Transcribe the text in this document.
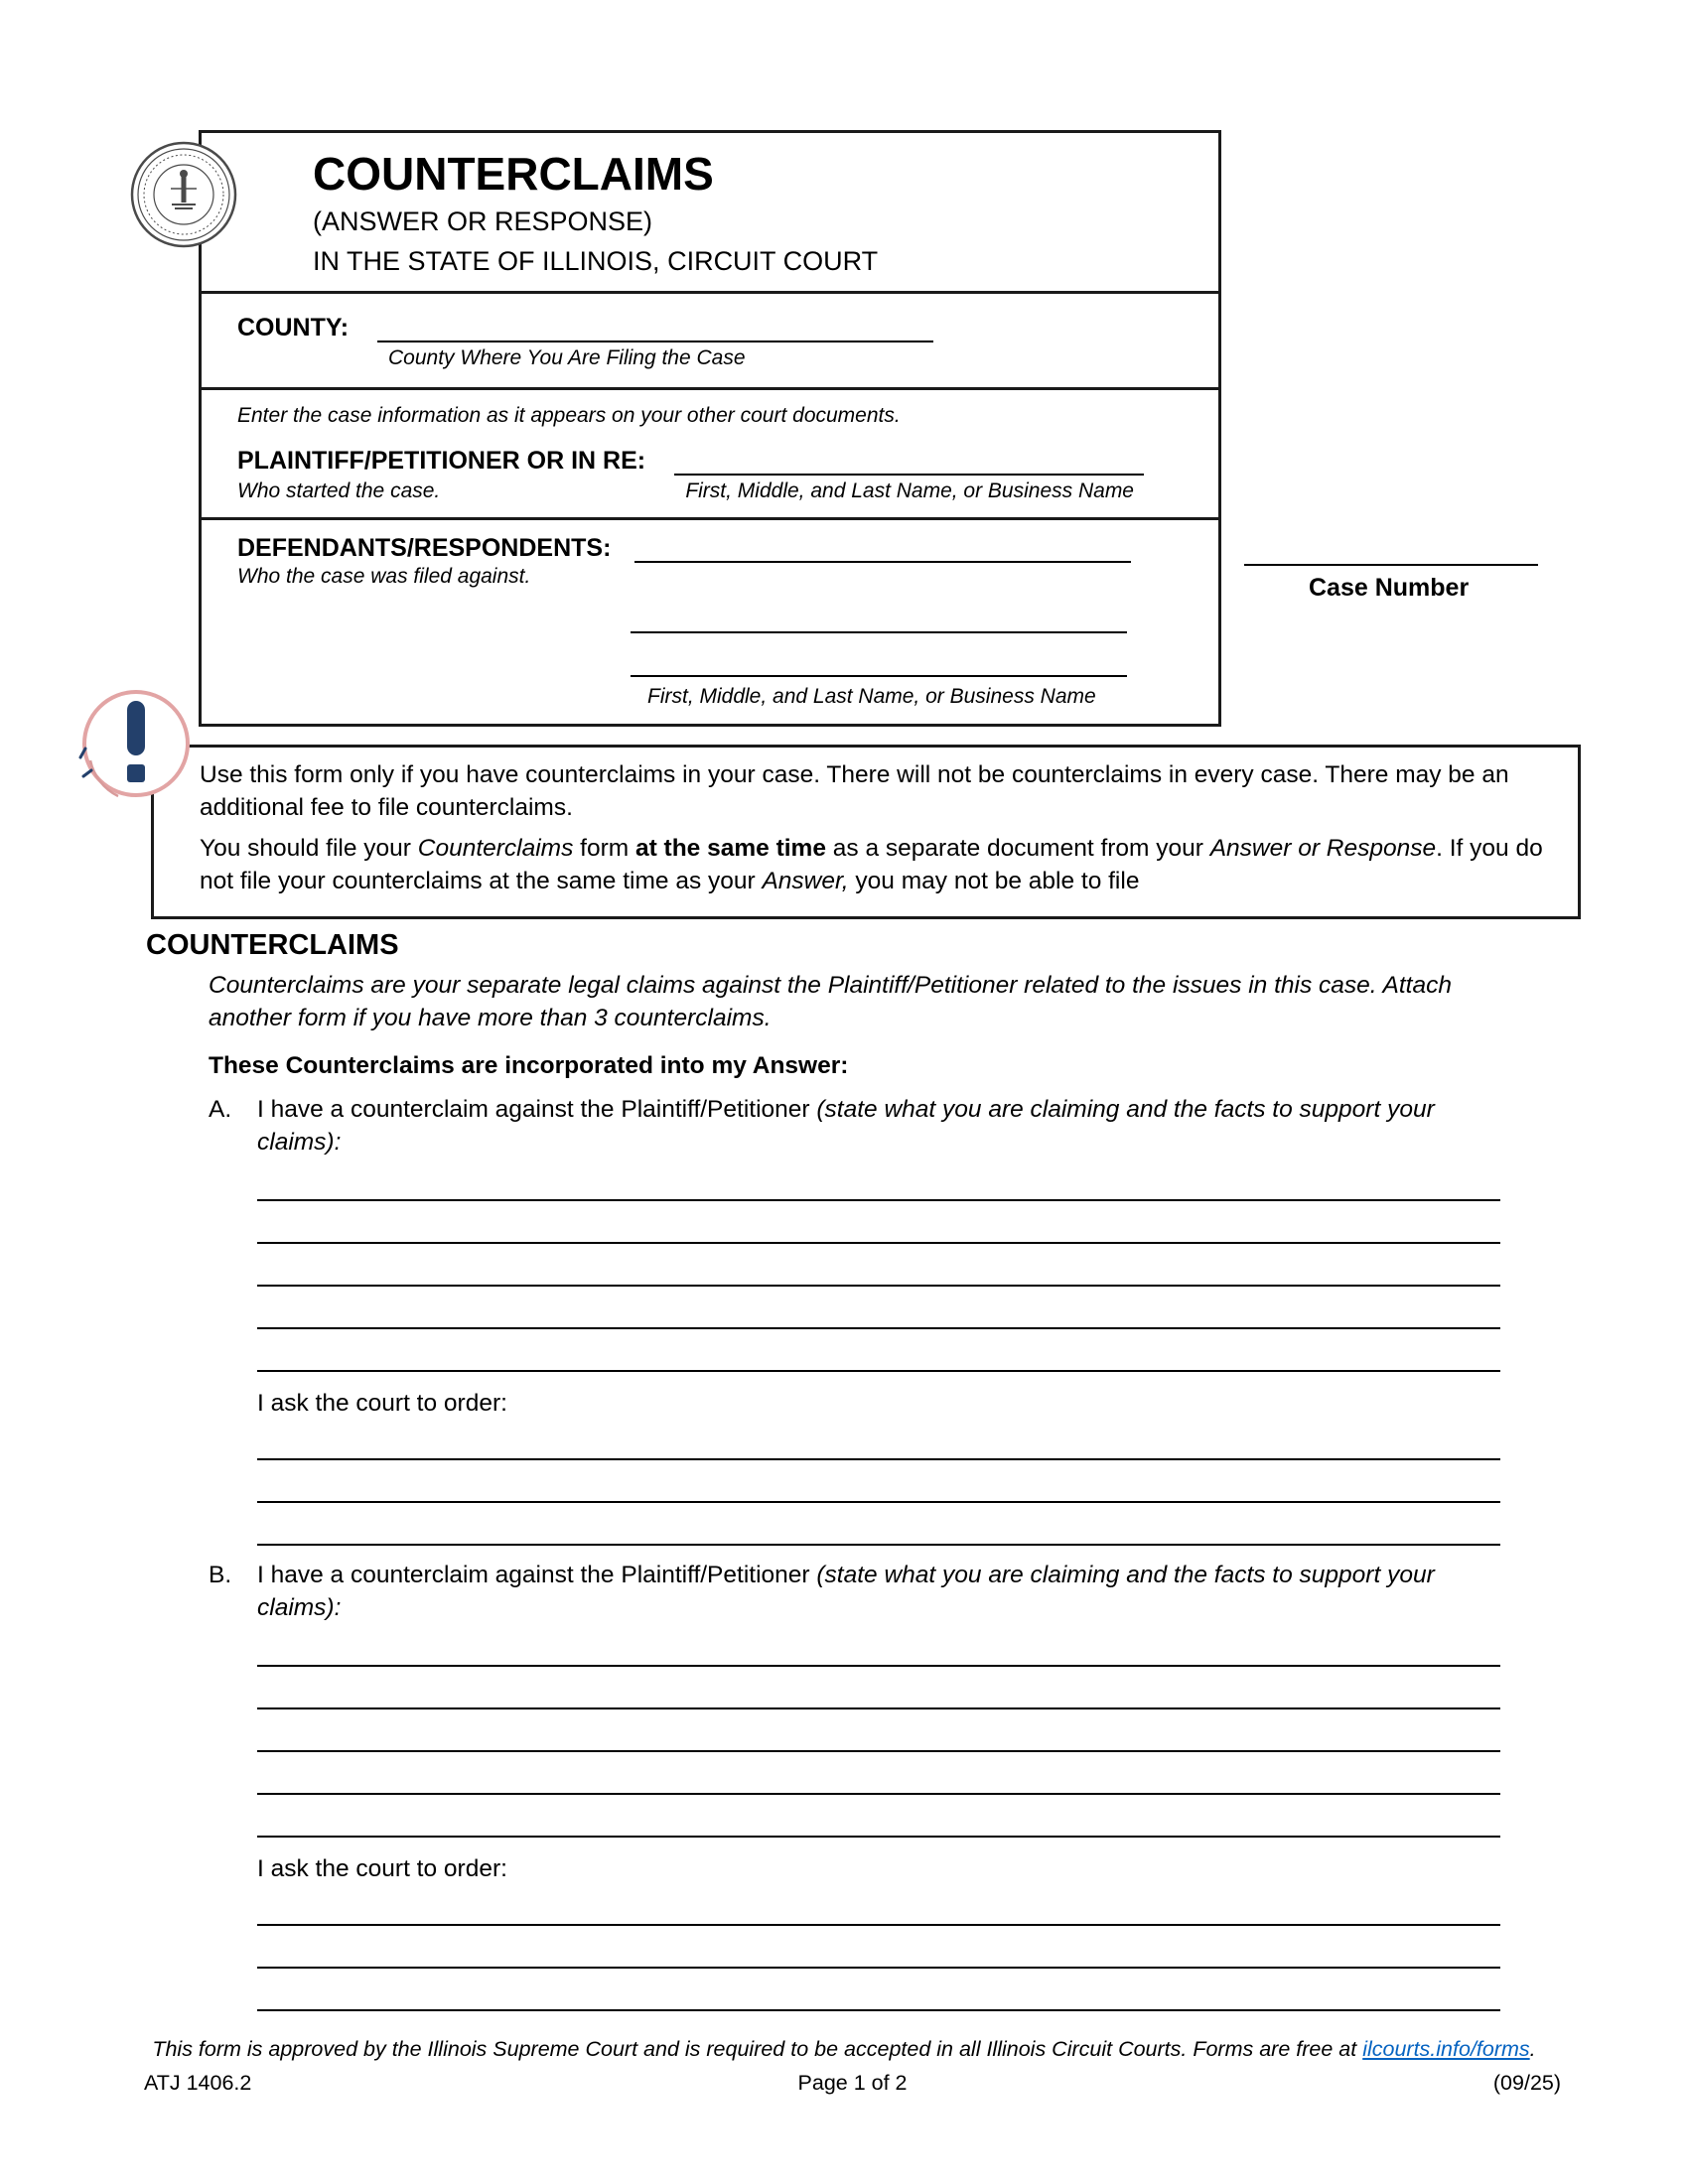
COUNTERCLAIMS
(ANSWER OR RESPONSE)
IN THE STATE OF ILLINOIS, CIRCUIT COURT
COUNTY:
County Where You Are Filing the Case
Enter the case information as it appears on your other court documents.
PLAINTIFF/PETITIONER OR IN RE:
Who started the case.	First, Middle, and Last Name, or Business Name
DEFENDANTS/RESPONDENTS:
Who the case was filed against.
First, Middle, and Last Name, or Business Name
Case Number

Use this form only if you have counterclaims in your case. There will not be counterclaims in every case. There may be an additional fee to file counterclaims.

You should file your Counterclaims form at the same time as a separate document from your Answer or Response. If you do not file your counterclaims at the same time as your Answer, you may not be able to file

COUNTERCLAIMS

Counterclaims are your separate legal claims against the Plaintiff/Petitioner related to the issues in this case. Attach another form if you have more than 3 counterclaims.

These Counterclaims are incorporated into my Answer:

A.	I have a counterclaim against the Plaintiff/Petitioner (state what you are claiming and the facts to support your claims):

I ask the court to order:

B.	I have a counterclaim against the Plaintiff/Petitioner (state what you are claiming and the facts to support your claims):

I ask the court to order:

This form is approved by the Illinois Supreme Court and is required to be accepted in all Illinois Circuit Courts. Forms are free at ilcourts.info/forms.

ATJ 1406.2	Page 1 of 2	(09/25)
